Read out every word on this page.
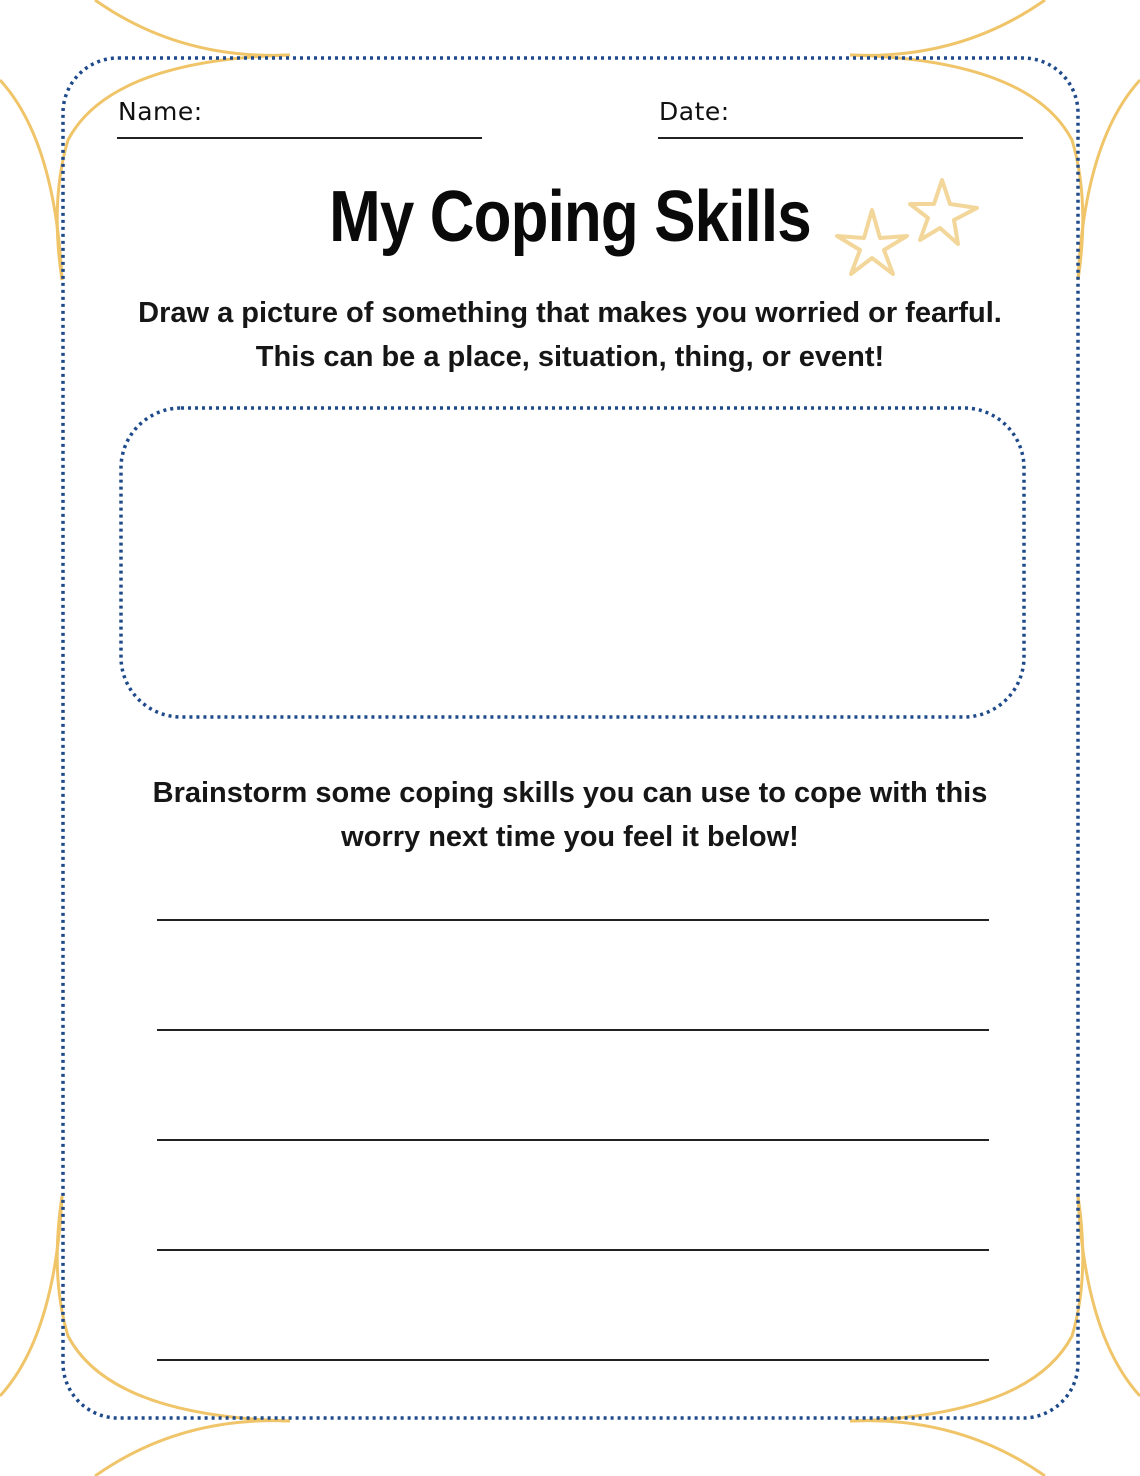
Name:	Date:
My Coping Skills
Draw a picture of something that makes you worried or fearful. This can be a place, situation, thing, or event!
Brainstorm some coping skills you can use to cope with this worry next time you feel it below!
